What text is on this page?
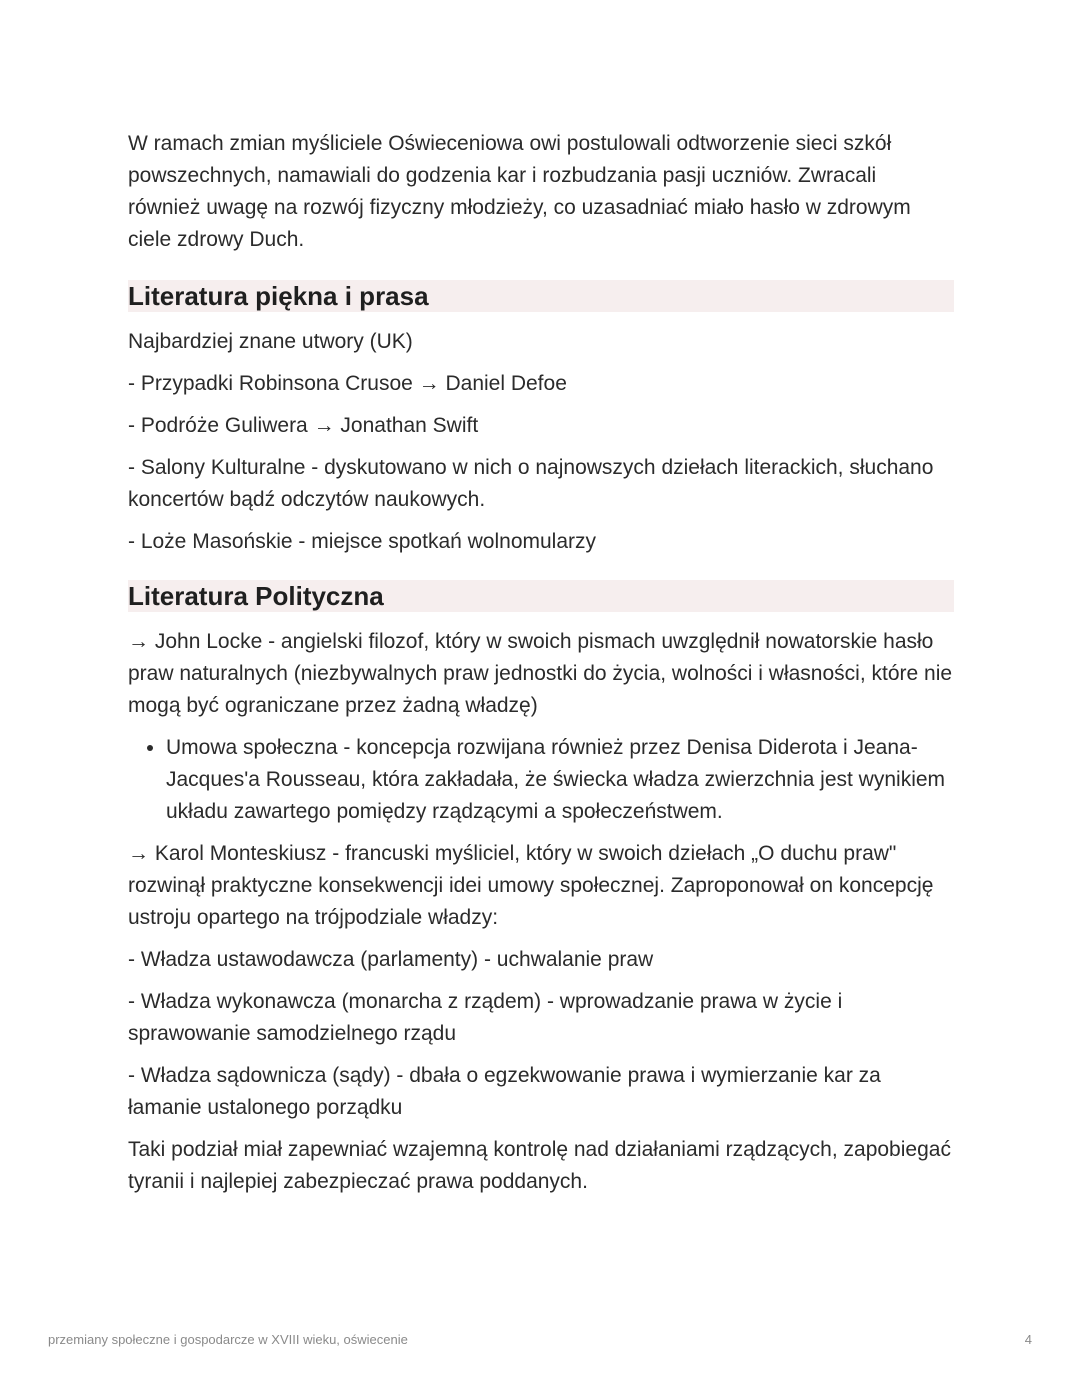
W ramach zmian myśliciele Oświeceniowa owi postulowali odtworzenie sieci szkół powszechnych, namawiali do godzenia kar i rozbudzania pasji uczniów. Zwracali również uwagę na rozwój fizyczny młodzieży, co uzasadniać miało hasło w zdrowym ciele zdrowy Duch.

Literatura piękna i prasa

Najbardziej znane utwory (UK)

- Przypadki Robinsona Crusoe → Daniel Defoe

- Podróże Guliwera → Jonathan Swift

- Salony Kulturalne - dyskutowano w nich o najnowszych dziełach literackich, słuchano koncertów bądź odczytów naukowych.

- Loże Masońskie - miejsce spotkań wolnomularzy

Literatura Polityczna

→ John Locke - angielski filozof, który w swoich pismach uwzględnił nowatorskie hasło praw naturalnych (niezbywalnych praw jednostki do życia, wolności i własności, które nie mogą być ograniczane przez żadną władzę)

• Umowa społeczna - koncepcja rozwijana również przez Denisa Diderota i Jeana-Jacques'a Rousseau, która zakładała, że świecka władza zwierzchnia jest wynikiem układu zawartego pomiędzy rządzącymi a społeczeństwem.

→ Karol Monteskiusz - francuski myśliciel, który w swoich dziełach „O duchu praw" rozwinął praktyczne konsekwencji idei umowy społecznej. Zaproponował on koncepcję ustroju opartego na trójpodziale władzy:

- Władza ustawodawcza (parlamenty) - uchwalanie praw

- Władza wykonawcza (monarcha z rządem) - wprowadzanie prawa w życie i sprawowanie samodzielnego rządu

- Władza sądownicza (sądy) - dbała o egzekwowanie prawa i wymierzanie kar za łamanie ustalonego porządku

Taki podział miał zapewniać wzajemną kontrolę nad działaniami rządzących, zapobiegać tyranii i najlepiej zabezpieczać prawa poddanych.

przemiany społeczne i gospodarcze w XVIII wieku, oświecenie	4
